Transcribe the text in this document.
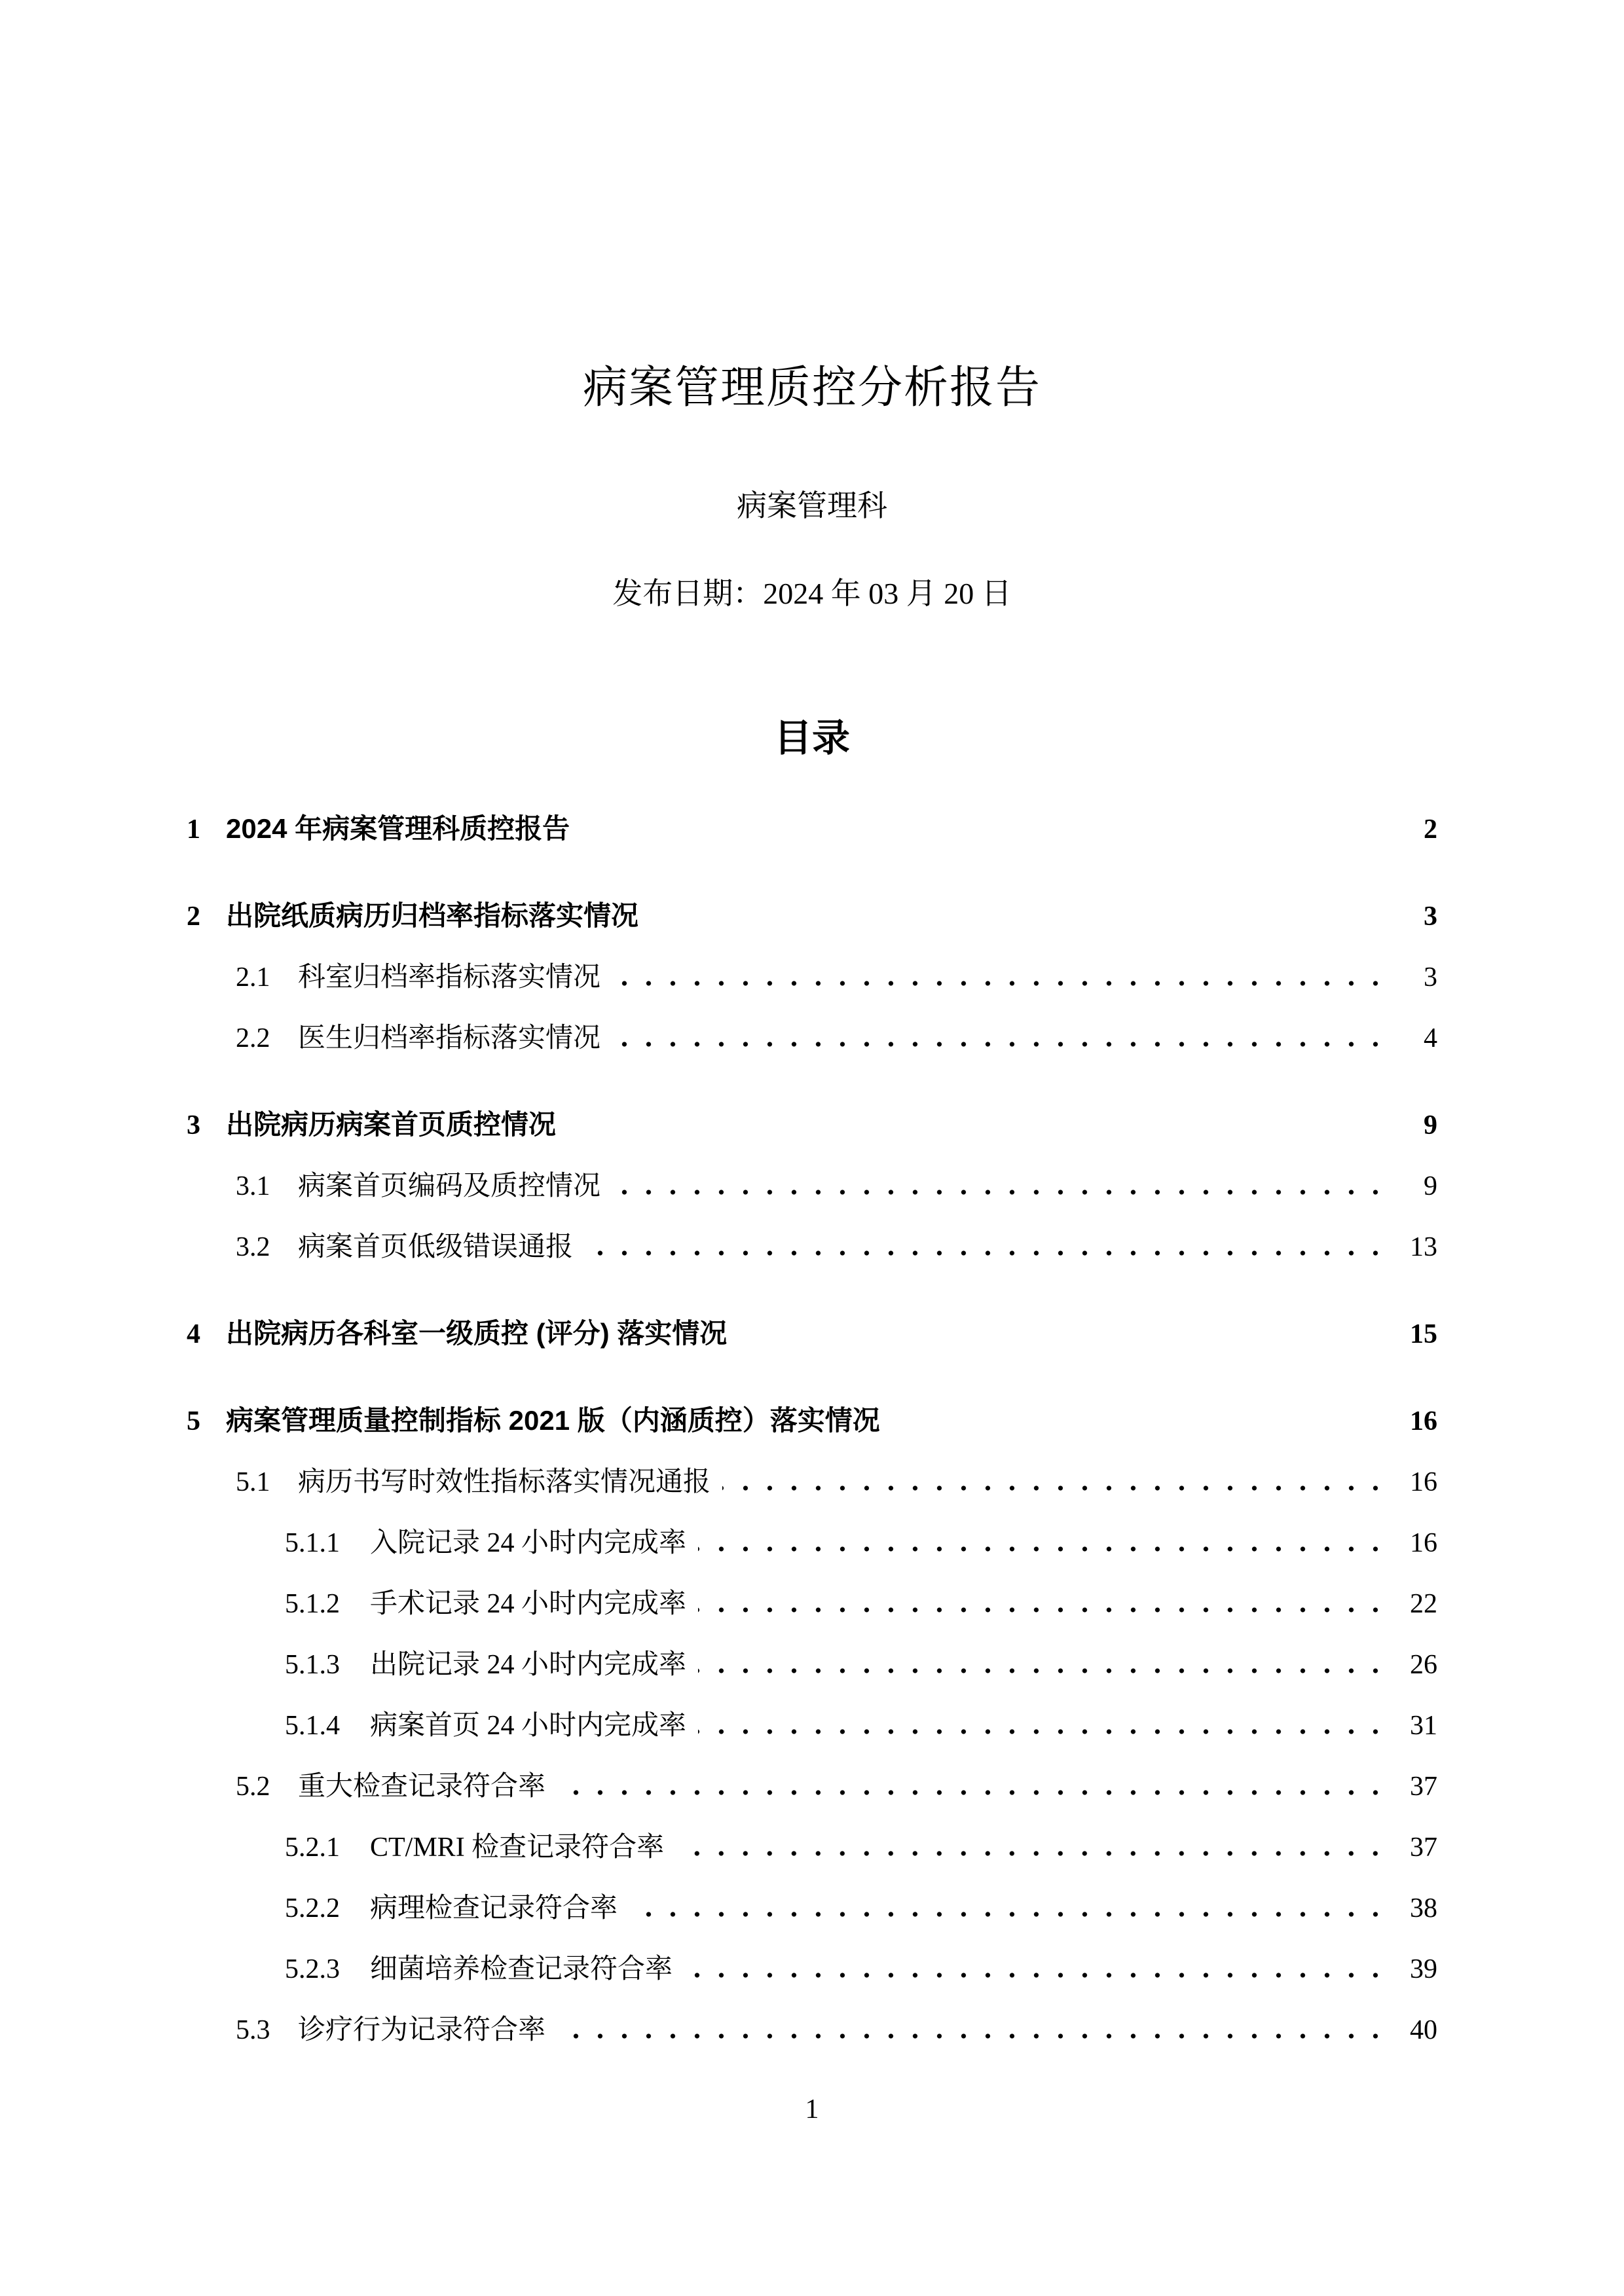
病案管理质控分析报告
病案管理科
发布日期：2024 年 03 月 20 日
目录
1 2024 年病案管理科质控报告	2
2 出院纸质病历归档率指标落实情况	3
2.1	科室归档率指标落实情况	3
2.2	医生归档率指标落实情况	4
3 出院病历病案首页质控情况	9
3.1	病案首页编码及质控情况	9
3.2	病案首页低级错误通报	13
4 出院病历各科室一级质控 (评分) 落实情况	15
5 病案管理质量控制指标 2021 版（内涵质控）落实情况	16
5.1	病历书写时效性指标落实情况通报	16
5.1.1	入院记录 24 小时内完成率	16
5.1.2	手术记录 24 小时内完成率	22
5.1.3	出院记录 24 小时内完成率	26
5.1.4	病案首页 24 小时内完成率	31
5.2	重大检查记录符合率	37
5.2.1	CT/MRI 检查记录符合率	37
5.2.2	病理检查记录符合率	38
5.2.3	细菌培养检查记录符合率	39
5.3	诊疗行为记录符合率	40
1
